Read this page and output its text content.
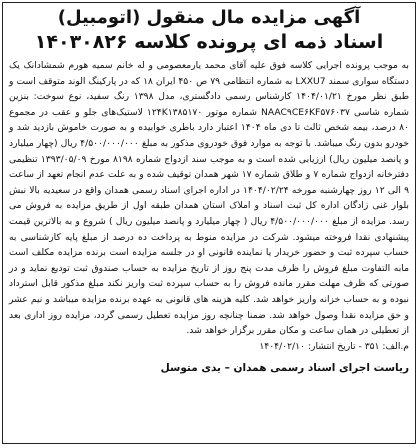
آگهی مزایده مال منقول (اتومبیل)
اسناد ذمه ای پرونده کلاسه ۱۴۰۳۰۸۲۶
به موجب پرونده اجرایی کلاسه فوق علیه آقای محمد یارمعصومی و له خانم سمیه هورم شمشادانک یک دستگاه سواری سمند LXXU7 به شماره انتظامی ۷۹ ص ۴۵۰ ایران ۱۸ که در پارکینگ الوند متوقف است و طبق نظر مورخ ۱۴۰۴/۰۱/۲۱ کارشناس رسمی دادگستری، مدل ۱۳۹۸ رنگ سفید، نوع سوخت: بنزین شماره شاسی NAAC۹CE۶KF۵۷۶۰۳۷ شماره موتور ۱۲۴K۱۳۸۵۱۷۰ لاستیک‌های جلو و عقب در مجموع ۸۰ درصد، بیمه شخص ثالث تا دی ماه ۱۴۰۴ اعتبار دارد باطری خوابیده و به صورت خاموش بازدید شد و خودرو بدون رنگ میباشد. با توجه به موارد فوق خودروی مذکور به مبلغ ۴/۵۰۰/۰۰۰/۰۰۰ ریال (چهار میلیارد و پانصد میلیون ریال) ارزیابی شده است و به موجب سند ازدواج شماره ۸۱۹۸ مورخ ۱۳۹۳/۰۵/۰۹ تنظیمی دفترخانه ازدواج شماره ۷ و طلاق شماره ۱۷ شهر همدان توقیف شده و به علت عدم انجام تعهد از ساعت ۹ الی ۱۲ روز چهارشنبه مورخه ۱۴۰۴/۰۲/۲۴ در اداره اجرای اسناد رسمی همدان واقع در سعیدیه بالا نبش بلوار غنی زادگان اداره کل ثبت اسناد و املاک استان همدان طبقه اول از طریق مزایده به فروش می رسد. مزایده از مبلغ ۴/۵۰۰/۰۰۰/۰۰۰ ریال ( چهار میلیارد و پانصد میلیون ریال ) شروع و به بالاترین قیمت پیشنهادی نقدا فروخته میشود. شرکت در مزایده منوط به پرداخت ده درصد از مبلغ پایه کارشناسی به حساب سپرده ثبت و حضور خریدار یا نماینده قانونی او در جلسه مزایده است برنده مزایده مکلف است مابه التفاوت مبلغ فروش را ظرف مدت پنج روز از تاریخ مزایده به حساب صندوق ثبت تودیع نماید و در صورتی که ظرف مهلت مقرر مانده فروش را به حساب سپرده ثبت واریز نکند مبلغ مذکور قابل استرداد نبوده و به حساب خزانه واریز خواهد شد. کلیه هزینه های قانونی به عهده برنده مزایده میباشد و نیم عشر و حق مزایده نقدا وصول خواهد شد. ضمنا چنانچه روز مزایده تعطیل رسمی گردد، مزایده روز اداری بعد از تعطیلی در همان ساعت و مکان مقرر برگزار خواهد شد.
م.الف: ۳۵۱ - تاریخ انتشار: ۱۴۰۴/۰۲/۱۰
ریاست اجرای اسناد رسمی همدان – یدی متوسل
